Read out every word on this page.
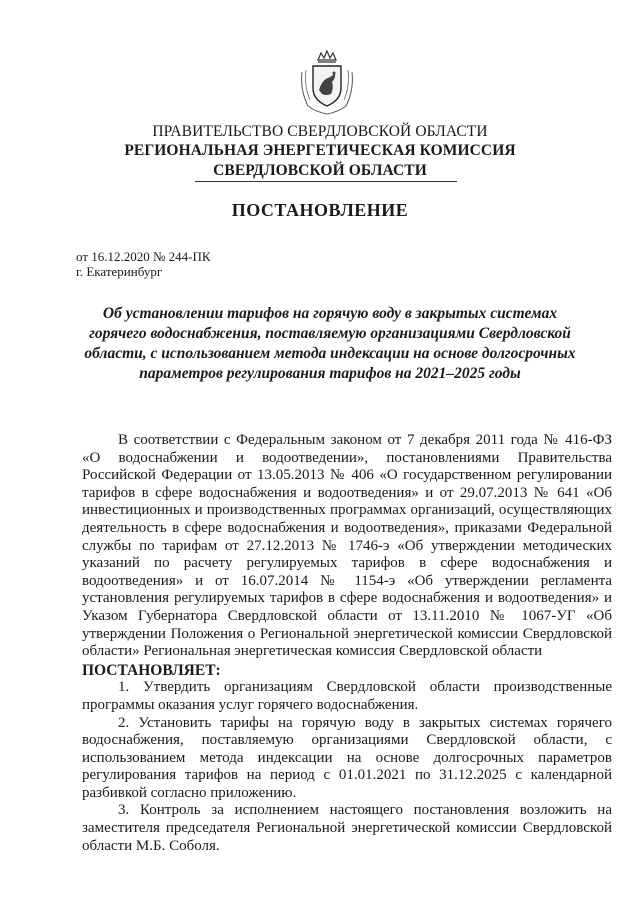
ПРАВИТЕЛЬСТВО СВЕРДЛОВСКОЙ ОБЛАСТИ
РЕГИОНАЛЬНАЯ ЭНЕРГЕТИЧЕСКАЯ КОМИССИЯ
СВЕРДЛОВСКОЙ ОБЛАСТИ
ПОСТАНОВЛЕНИЕ
от 16.12.2020 № 244-ПК
г. Екатеринбург
Об установлении тарифов на горячую воду в закрытых системах горячего водоснабжения, поставляемую организациями Свердловской области, с использованием метода индексации на основе долгосрочных параметров регулирования тарифов на 2021–2025 годы

В соответствии с Федеральным законом от 7 декабря 2011 года № 416-ФЗ «О водоснабжении и водоотведении», постановлениями Правительства Российской Федерации от 13.05.2013 № 406 «О государственном регулировании тарифов в сфере водоснабжения и водоотведения» и от 29.07.2013 № 641 «Об инвестиционных и производственных программах организаций, осуществляющих деятельность в сфере водоснабжения и водоотведения», приказами Федеральной службы по тарифам от 27.12.2013 № 1746-э «Об утверждении методических указаний по расчету регулируемых тарифов в сфере водоснабжения и водоотведения» и от 16.07.2014 № 1154-э «Об утверждении регламента установления регулируемых тарифов в сфере водоснабжения и водоотведения» и Указом Губернатора Свердловской области от 13.11.2010 № 1067-УГ «Об утверждении Положения о Региональной энергетической комиссии Свердловской области» Региональная энергетическая комиссия Свердловской области

ПОСТАНОВЛЯЕТ:

1. Утвердить организациям Свердловской области производственные программы оказания услуг горячего водоснабжения.

2. Установить тарифы на горячую воду в закрытых системах горячего водоснабжения, поставляемую организациями Свердловской области, с использованием метода индексации на основе долгосрочных параметров регулирования тарифов на период с 01.01.2021 по 31.12.2025 с календарной разбивкой согласно приложению.

3. Контроль за исполнением настоящего постановления возложить на заместителя председателя Региональной энергетической комиссии Свердловской области М.Б. Соболя.
